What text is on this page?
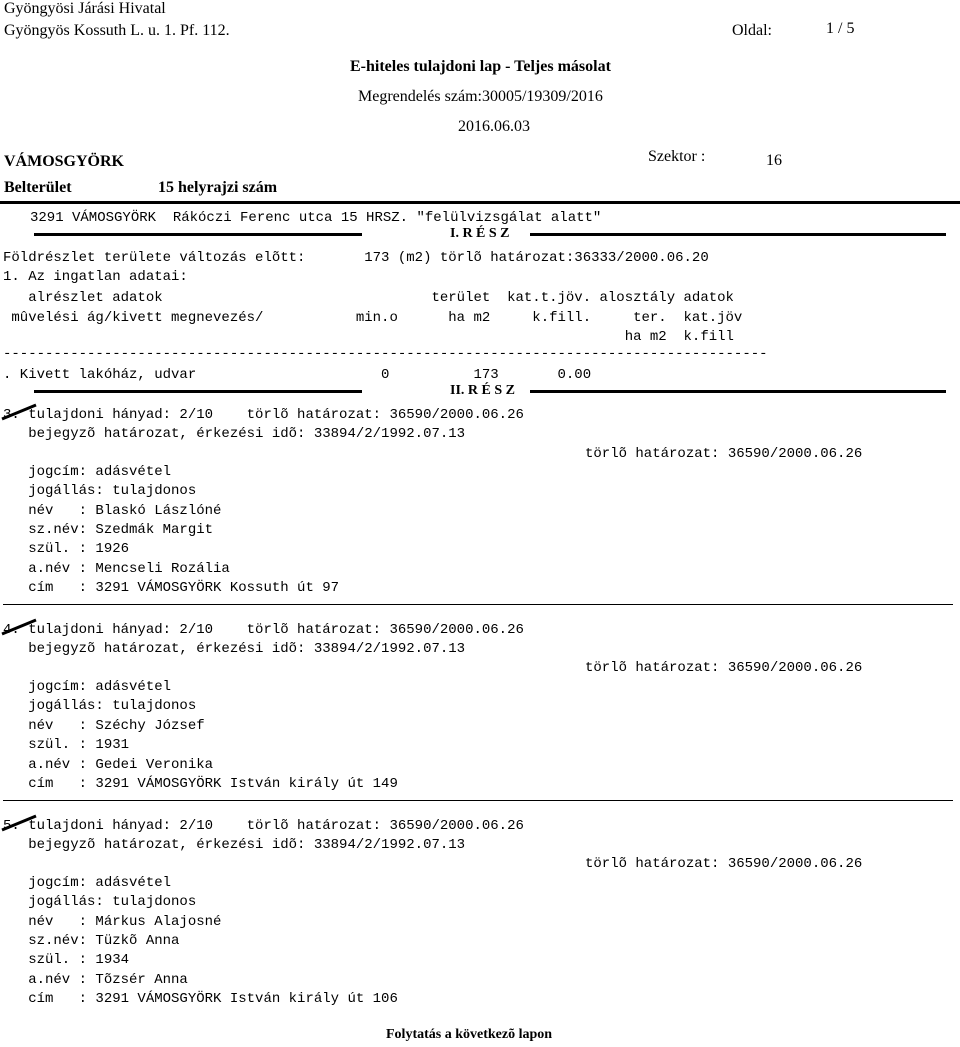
Gyöngyösi Járási Hivatal
Gyöngyös Kossuth L. u. 1. Pf. 112.	Oldal:	1 / 5
E-hiteles tulajdoni lap - Teljes másolat
Megrendelés szám:30005/19309/2016
2016.06.03
VÁMOSGYÖRK	Szektor :	16
Belterület	15 helyrajzi szám
3291 VÁMOSGYÖRK  Rákóczi Ferenc utca 15 HRSZ. "felülvizsgálat alatt"
I. R É S Z
Földrészlet területe változás elõtt:       173 (m2) törlõ határozat:36333/2000.06.20
1. Az ingatlan adatai:
alrészlet adatok                                terület  kat.t.jöv. alosztály adatok
mûvelési ág/kivett megnevezés/           min.o      ha m2     k.fill.     ter.  kat.jöv
ha m2  k.fill
-------------------------------------------------------------------------------------------
. Kivett lakóház, udvar                      0          173       0.00
II. R É S Z
3. tulajdoni hányad: 2/10    törlõ határozat: 36590/2000.06.26
bejegyzõ határozat, érkezési idõ: 33894/2/1992.07.13
törlõ határozat: 36590/2000.06.26
jogcím: adásvétel
jogállás: tulajdonos
név   : Blaskó Lászlóné
sz.név: Szedmák Margit
szül. : 1926
a.név : Mencseli Rozália
cím   : 3291 VÁMOSGYÖRK Kossuth út 97
4. tulajdoni hányad: 2/10    törlõ határozat: 36590/2000.06.26
bejegyzõ határozat, érkezési idõ: 33894/2/1992.07.13
törlõ határozat: 36590/2000.06.26
jogcím: adásvétel
jogállás: tulajdonos
név   : Széchy József
szül. : 1931
a.név : Gedei Veronika
cím   : 3291 VÁMOSGYÖRK István király út 149
5. tulajdoni hányad: 2/10    törlõ határozat: 36590/2000.06.26
bejegyzõ határozat, érkezési idõ: 33894/2/1992.07.13
törlõ határozat: 36590/2000.06.26
jogcím: adásvétel
jogállás: tulajdonos
név   : Márkus Alajosné
sz.név: Tüzkõ Anna
szül. : 1934
a.név : Tõzsér Anna
cím   : 3291 VÁMOSGYÖRK István király út 106
Folytatás a következõ lapon
